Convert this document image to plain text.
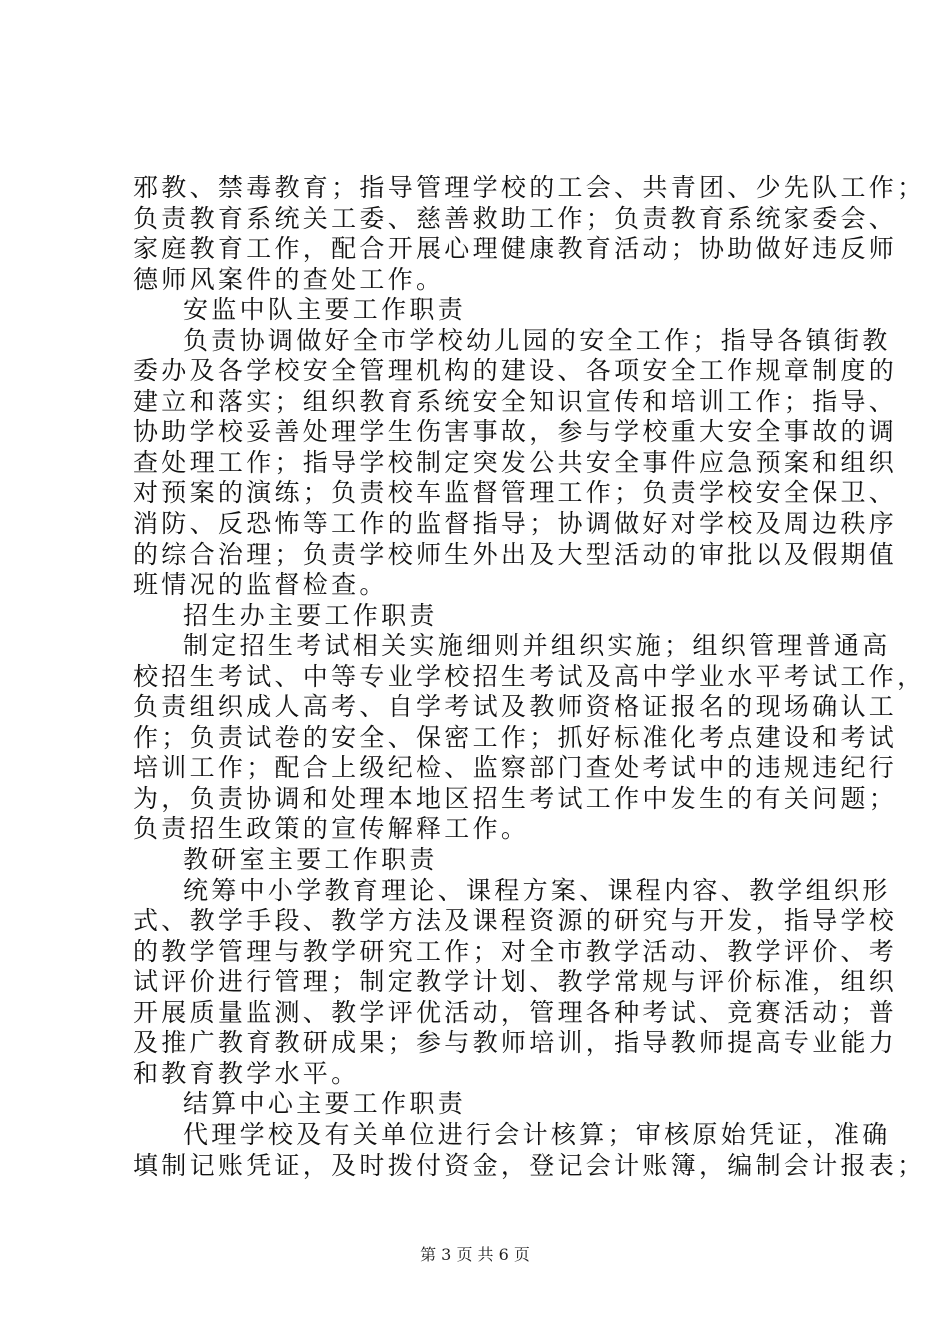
邪教、禁毒教育；指导管理学校的工会、共青团、少先队工作；
负责教育系统关工委、慈善救助工作；负责教育系统家委会、
家庭教育工作，配合开展心理健康教育活动；协助做好违反师
德师风案件的查处工作。
安监中队主要工作职责
负责协调做好全市学校幼儿园的安全工作；指导各镇街教
委办及各学校安全管理机构的建设、各项安全工作规章制度的
建立和落实；组织教育系统安全知识宣传和培训工作；指导、
协助学校妥善处理学生伤害事故，参与学校重大安全事故的调
查处理工作；指导学校制定突发公共安全事件应急预案和组织
对预案的演练；负责校车监督管理工作；负责学校安全保卫、
消防、反恐怖等工作的监督指导；协调做好对学校及周边秩序
的综合治理；负责学校师生外出及大型活动的审批以及假期值
班情况的监督检查。
招生办主要工作职责
制定招生考试相关实施细则并组织实施；组织管理普通高
校招生考试、中等专业学校招生考试及高中学业水平考试工作，
负责组织成人高考、自学考试及教师资格证报名的现场确认工
作；负责试卷的安全、保密工作；抓好标准化考点建设和考试
培训工作；配合上级纪检、监察部门查处考试中的违规违纪行
为，负责协调和处理本地区招生考试工作中发生的有关问题；
负责招生政策的宣传解释工作。
教研室主要工作职责
统筹中小学教育理论、课程方案、课程内容、教学组织形
式、教学手段、教学方法及课程资源的研究与开发，指导学校
的教学管理与教学研究工作；对全市教学活动、教学评价、考
试评价进行管理；制定教学计划、教学常规与评价标准，组织
开展质量监测、教学评优活动，管理各种考试、竞赛活动；普
及推广教育教研成果；参与教师培训，指导教师提高专业能力
和教育教学水平。
结算中心主要工作职责
代理学校及有关单位进行会计核算；审核原始凭证，准确
填制记账凭证，及时拨付资金，登记会计账簿，编制会计报表；
第 3 页 共 6 页
